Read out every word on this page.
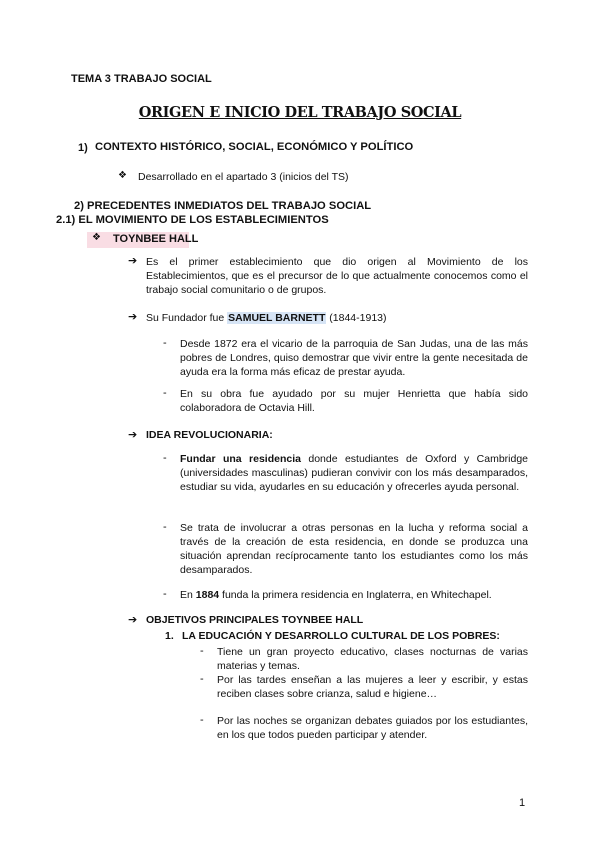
TEMA 3 TRABAJO SOCIAL
ORIGEN E INICIO DEL TRABAJO SOCIAL
1) CONTEXTO HISTÓRICO, SOCIAL, ECONÓMICO Y POLÍTICO
❖ Desarrollado en el apartado 3 (inicios del TS)
2) PRECEDENTES INMEDIATOS DEL TRABAJO SOCIAL
2.1) EL MOVIMIENTO DE LOS ESTABLECIMIENTOS
❖ TOYNBEE HALL
➔ Es el primer establecimiento que dio origen al Movimiento de los Establecimientos, que es el precursor de lo que actualmente conocemos como el trabajo social comunitario o de grupos.
➔ Su Fundador fue SAMUEL BARNETT (1844-1913)
- Desde 1872 era el vicario de la parroquia de San Judas, una de las más pobres de Londres, quiso demostrar que vivir entre la gente necesitada de ayuda era la forma más eficaz de prestar ayuda.
- En su obra fue ayudado por su mujer Henrietta que había sido colaboradora de Octavia Hill.
➔ IDEA REVOLUCIONARIA:
- Fundar una residencia donde estudiantes de Oxford y Cambridge (universidades masculinas) pudieran convivir con los más desamparados, estudiar su vida, ayudarles en su educación y ofrecerles ayuda personal.
- Se trata de involucrar a otras personas en la lucha y reforma social a través de la creación de esta residencia, en donde se produzca una situación aprendan recíprocamente tanto los estudiantes como los más desamparados.
- En 1884 funda la primera residencia en Inglaterra, en Whitechapel.
➔ OBJETIVOS PRINCIPALES TOYNBEE HALL
1. LA EDUCACIÓN Y DESARROLLO CULTURAL DE LOS POBRES:
- Tiene un gran proyecto educativo, clases nocturnas de varias materias y temas.
- Por las tardes enseñan a las mujeres a leer y escribir, y estas reciben clases sobre crianza, salud e higiene…
- Por las noches se organizan debates guiados por los estudiantes, en los que todos pueden participar y atender.
1
